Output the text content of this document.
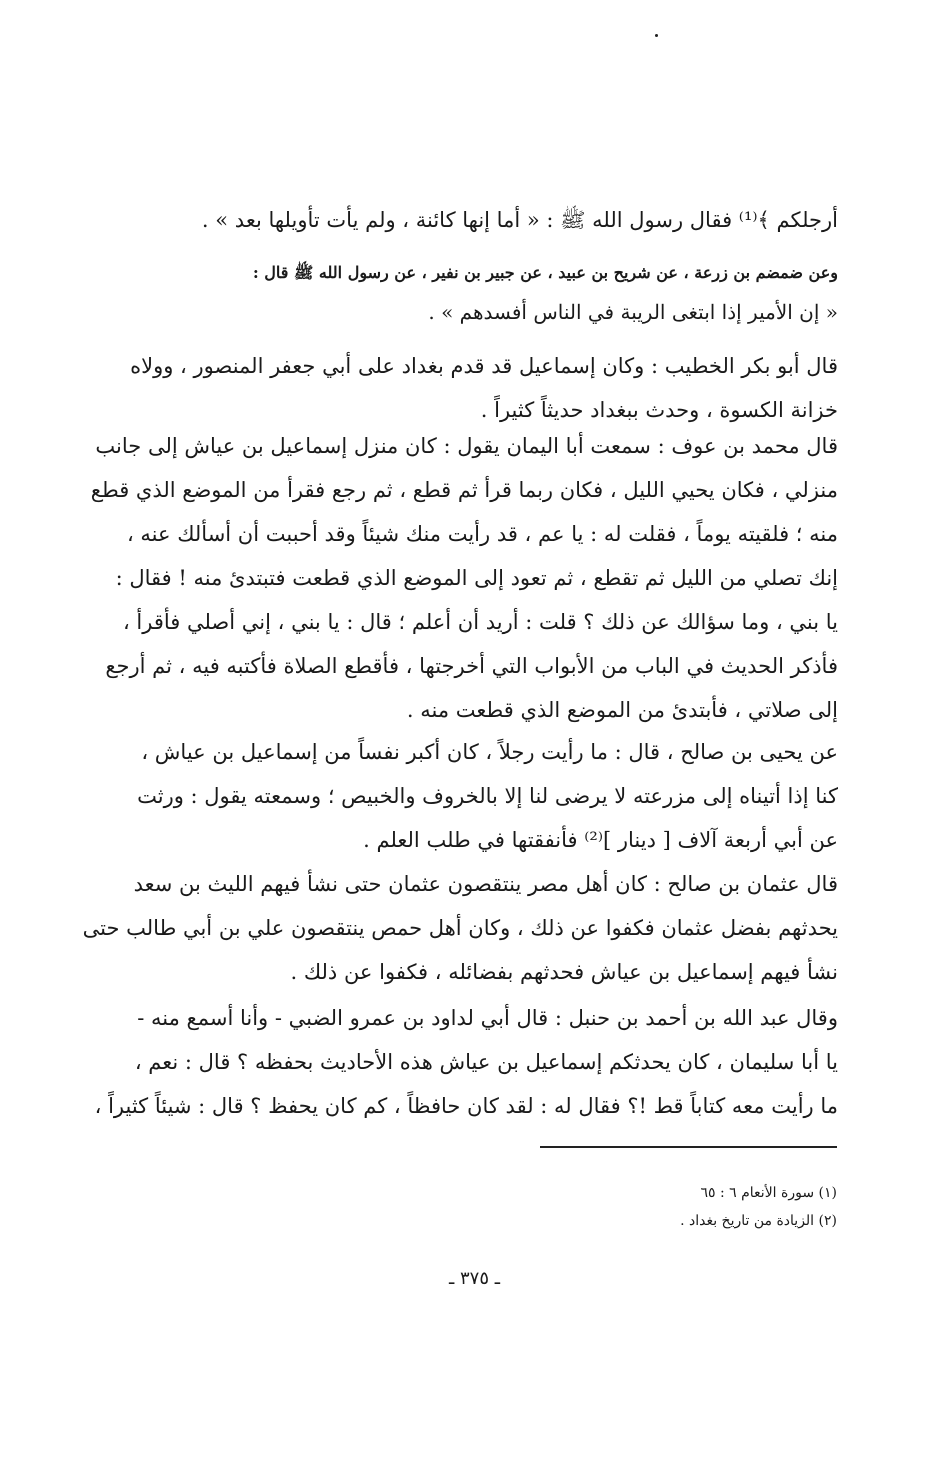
أرجلكم ﴾⁽¹⁾ فقال رسول الله ﷺ : « أما إنها كائنة ، ولم يأت تأويلها بعد » .
وعن ضمضم بن زرعة ، عن شريح بن عبيد ، عن جبير بن نفير ، عن رسول الله ﷺ قال :
« إن الأمير إذا ابتغى الريبة في الناس أفسدهم » .
قال أبو بكر الخطيب : وكان إسماعيل قد قدم بغداد على أبي جعفر المنصور ، وولاه
خزانة الكسوة ، وحدث ببغداد حديثاً كثيراً .
قال محمد بن عوف : سمعت أبا اليمان يقول : كان منزل إسماعيل بن عياش إلى جانب
منزلي ، فكان يحيي الليل ، فكان ربما قرأ ثم قطع ، ثم رجع فقرأ من الموضع الذي قطع
منه ؛ فلقيته يوماً ، فقلت له : يا عم ، قد رأيت منك شيئاً وقد أحببت أن أسألك عنه ،
إنك تصلي من الليل ثم تقطع ، ثم تعود إلى الموضع الذي قطعت فتبتدئ منه ! فقال :
يا بني ، وما سؤالك عن ذلك ؟ قلت : أريد أن أعلم ؛ قال : يا بني ، إني أصلي فأقرأ ،
فأذكر الحديث في الباب من الأبواب التي أخرجتها ، فأقطع الصلاة فأكتبه فيه ، ثم أرجع
إلى صلاتي ، فأبتدئ من الموضع الذي قطعت منه .
عن يحيى بن صالح ، قال : ما رأيت رجلاً ، كان أكبر نفساً من إسماعيل بن عياش ،
كنا إذا أتيناه إلى مزرعته لا يرضى لنا إلا بالخروف والخبيص ؛ وسمعته يقول : ورثت
عن أبي أربعة آلاف [ دينار ]⁽²⁾ فأنفقتها في طلب العلم .
قال عثمان بن صالح : كان أهل مصر ينتقصون عثمان حتى نشأ فيهم الليث بن سعد
يحدثهم بفضل عثمان فكفوا عن ذلك ، وكان أهل حمص ينتقصون علي بن أبي طالب حتى
نشأ فيهم إسماعيل بن عياش فحدثهم بفضائله ، فكفوا عن ذلك .
وقال عبد الله بن أحمد بن حنبل : قال أبي لداود بن عمرو الضبي - وأنا أسمع منه -
يا أبا سليمان ، كان يحدثكم إسماعيل بن عياش هذه الأحاديث بحفظه ؟ قال : نعم ،
ما رأيت معه كتاباً قط !؟ فقال له : لقد كان حافظاً ، كم كان يحفظ ؟ قال : شيئاً كثيراً ،
(١) سورة الأنعام ٦ : ٦٥
(٢) الزيادة من تاريخ بغداد .
ـ ٣٧٥ ـ
